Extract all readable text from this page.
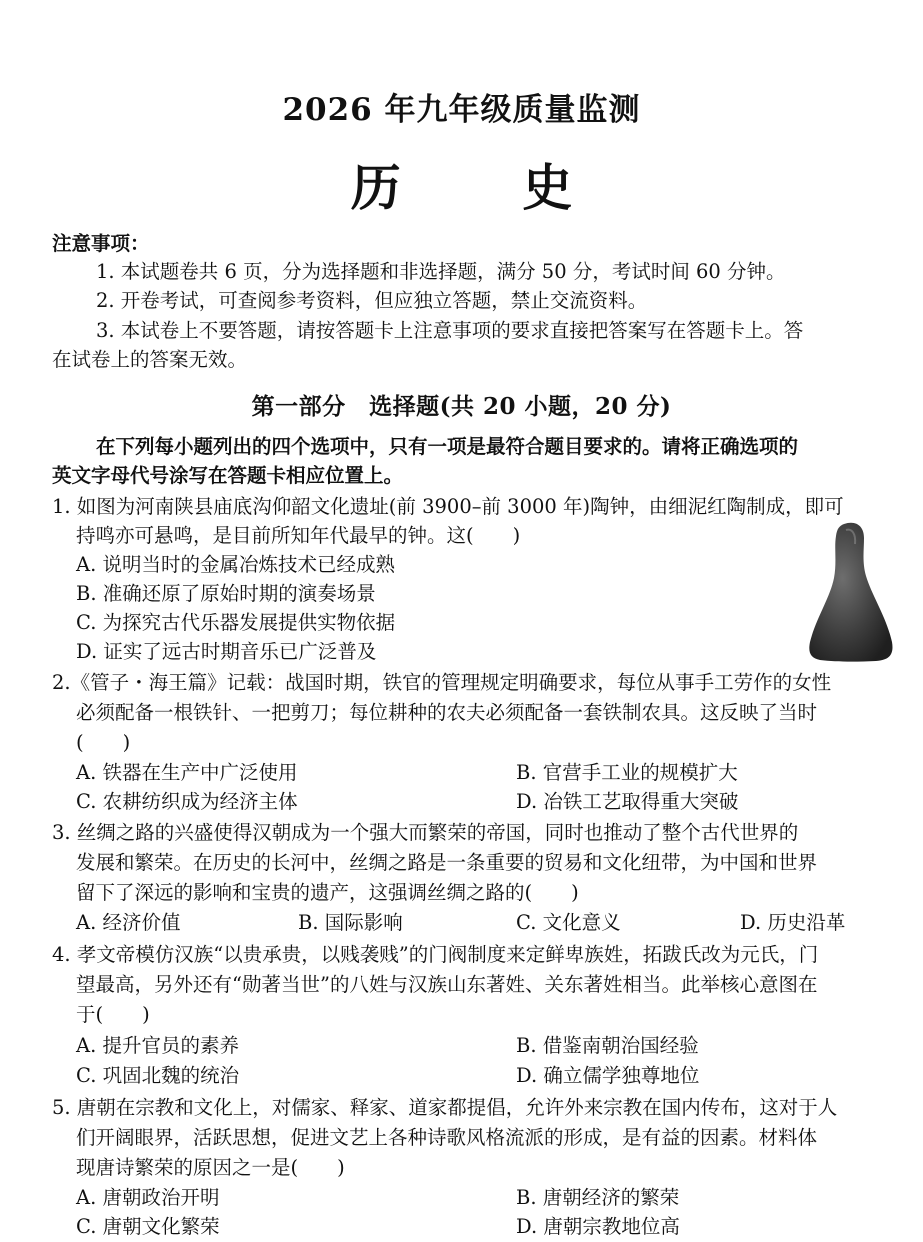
2026 年九年级质量监测
历 史
注意事项：
1. 本试题卷共 6 页，分为选择题和非选择题，满分 50 分，考试时间 60 分钟。
2. 开卷考试，可查阅参考资料，但应独立答题，禁止交流资料。
3. 本试卷上不要答题，请按答题卡上注意事项的要求直接把答案写在答题卡上。答
在试卷上的答案无效。
第一部分　选择题(共 20 小题，20 分)
在下列每小题列出的四个选项中，只有一项是最符合题目要求的。请将正确选项的
英文字母代号涂写在答题卡相应位置上。
1. 如图为河南陕县庙底沟仰韶文化遗址(前 3900–前 3000 年)陶钟，由细泥红陶制成，即可
持鸣亦可悬鸣，是目前所知年代最早的钟。这(　　)
A. 说明当时的金属冶炼技术已经成熟
B. 准确还原了原始时期的演奏场景
C. 为探究古代乐器发展提供实物依据
D. 证实了远古时期音乐已广泛普及
2.《管子・海王篇》记载：战国时期，铁官的管理规定明确要求，每位从事手工劳作的女性
必须配备一根铁针、一把剪刀；每位耕种的农夫必须配备一套铁制农具。这反映了当时
(　　)
A. 铁器在生产中广泛使用	B. 官营手工业的规模扩大
C. 农耕纺织成为经济主体	D. 冶铁工艺取得重大突破
3. 丝绸之路的兴盛使得汉朝成为一个强大而繁荣的帝国，同时也推动了整个古代世界的
发展和繁荣。在历史的长河中，丝绸之路是一条重要的贸易和文化纽带，为中国和世界
留下了深远的影响和宝贵的遗产，这强调丝绸之路的(　　)
A. 经济价值	B. 国际影响	C. 文化意义	D. 历史沿革
4. 孝文帝模仿汉族“以贵承贵，以贱袭贱”的门阀制度来定鲜卑族姓，拓跋氏改为元氏，门
望最高，另外还有“勋著当世”的八姓与汉族山东著姓、关东著姓相当。此举核心意图在
于(　　)
A. 提升官员的素养	B. 借鉴南朝治国经验
C. 巩固北魏的统治	D. 确立儒学独尊地位
5. 唐朝在宗教和文化上，对儒家、释家、道家都提倡，允许外来宗教在国内传布，这对于人
们开阔眼界，活跃思想，促进文艺上各种诗歌风格流派的形成，是有益的因素。材料体
现唐诗繁荣的原因之一是(　　)
A. 唐朝政治开明	B. 唐朝经济的繁荣
C. 唐朝文化繁荣	D. 唐朝宗教地位高
